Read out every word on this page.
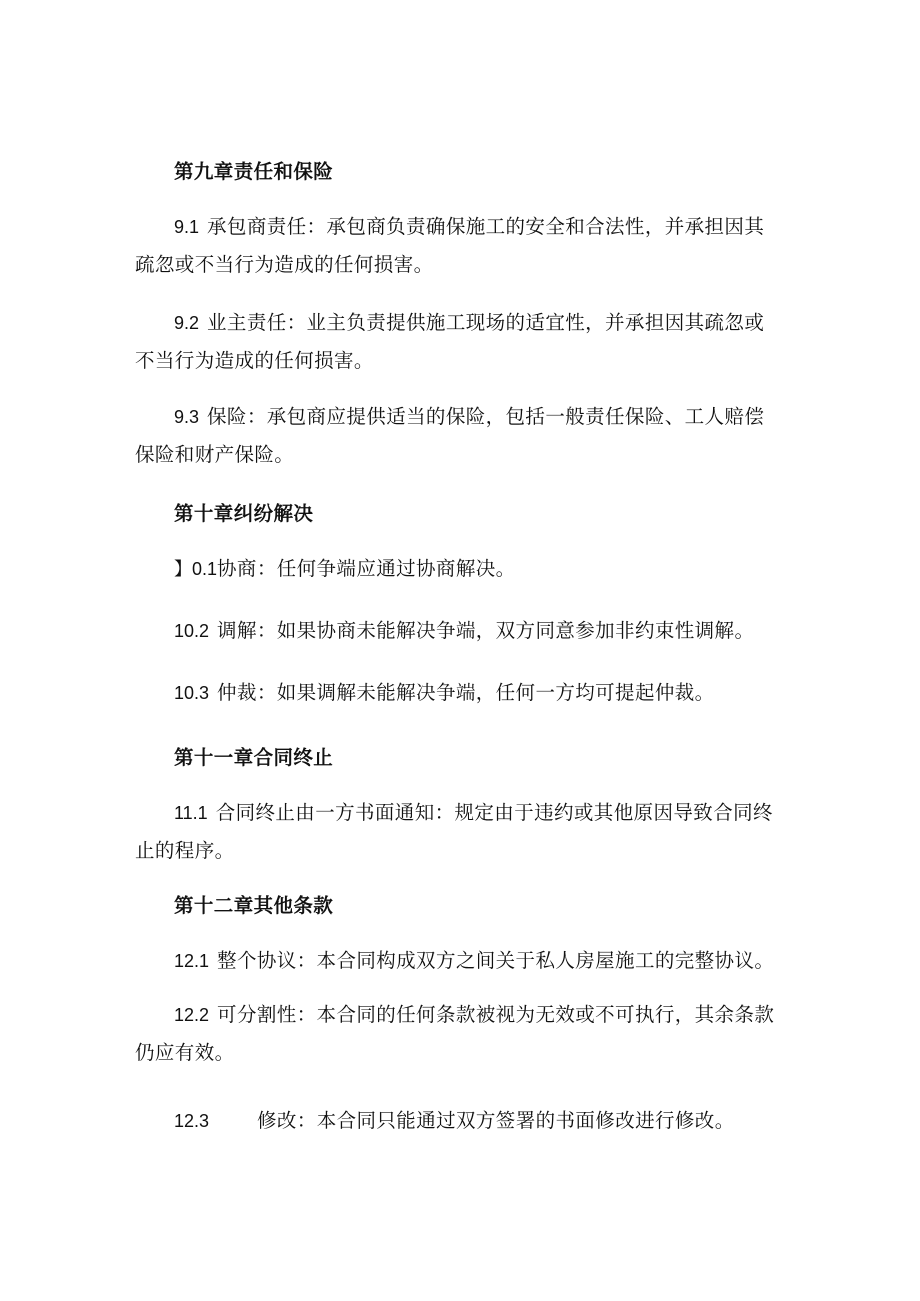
第九章责任和保险

9.1 承包商责任：承包商负责确保施工的安全和合法性，并承担因其
疏忽或不当行为造成的任何损害。

9.2 业主责任：业主负责提供施工现场的适宜性，并承担因其疏忽或
不当行为造成的任何损害。

9.3 保险：承包商应提供适当的保险，包括一般责任保险、工人赔偿
保险和财产保险。

第十章纠纷解决

】0.1协商：任何争端应通过协商解决。

10.2 调解：如果协商未能解决争端，双方同意参加非约束性调解。

10.3 仲裁：如果调解未能解决争端，任何一方均可提起仲裁。

第十一章合同终止

11.1 合同终止由一方书面通知：规定由于违约或其他原因导致合同终
止的程序。

第十二章其他条款

12.1 整个协议：本合同构成双方之间关于私人房屋施工的完整协议。

12.2 可分割性：本合同的任何条款被视为无效或不可执行，其余条款
仍应有效。

12.3 修改：本合同只能通过双方签署的书面修改进行修改。
